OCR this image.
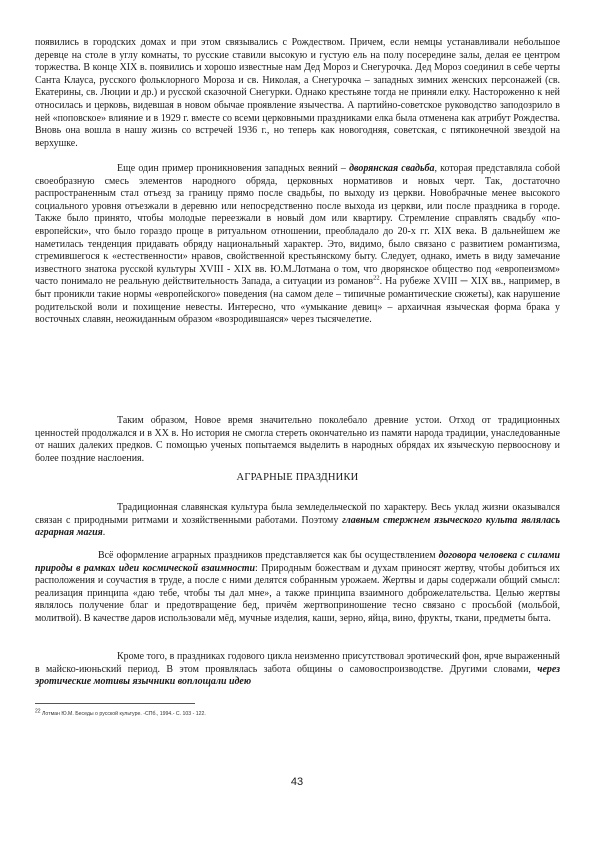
появились в городских домах и при этом связывались с Рождеством. Причем, если немцы устанавливали небольшое деревце на столе в углу комнаты, то русские ставили высокую и густую ель на полу посередине залы, делая ее центром торжества. В конце XIX в. появились и хорошо известные нам Дед Мороз и Снегурочка. Дед Мороз соединил в себе черты Санта Клауса, русского фольклорного Мороза и св. Николая, а Снегурочка – западных зимних женских персонажей (св. Екатерины, св. Люции и др.) и русской сказочной Снегурки. Однако крестьяне тогда не приняли елку. Настороженно к ней относилась и церковь, видевшая в новом обычае проявление язычества. А партийно-советское руководство заподозрило в ней «поповское» влияние и в 1929 г. вместе со всеми церковными праздниками елка была отменена как атрибут Рождества. Вновь она вошла в нашу жизнь со встречей 1936 г., но теперь как новогодняя, советская, с пятиконечной звездой на верхушке.

Еще один пример проникновения западных веяний – дворянская свадьба, которая представляла собой своеобразную смесь элементов народного обряда, церковных нормативов и новых черт. Так, достаточно распространенным стал отъезд за границу прямо после свадьбы, по выходу из церкви. Новобрачные менее высокого социального уровня отъезжали в деревню или непосредственно после выхода из церкви, или после праздника в городе. Также было принято, чтобы молодые переезжали в новый дом или квартиру. Стремление справлять свадьбу «по-европейски», что было гораздо проще в ритуальном отношении, преобладало до 20-х гг. XIX века. В дальнейшем же наметилась тенденция придавать обряду национальный характер. Это, видимо, было связано с развитием романтизма, стремившегося к «естественности» нравов, свойственной крестьянскому быту. Следует, однако, иметь в виду замечание известного знатока русской культуры XVIII - XIX вв. Ю.М.Лотмана о том, что дворянское общество под «европеизмом» часто понимало не реальную действительность Запада, а ситуации из романов$^{22}$. На рубеже XVIII ─ XIX вв., например, в быт проникли такие нормы «европейского» поведения (на самом деле – типичные романтические сюжеты), как нарушение родительской воли и похищение невесты. Интересно, что «умыкание девиц» – архаичная языческая форма брака у восточных славян, неожиданным образом «возродившаяся» через тысячелетие.

Таким образом, Новое время значительно поколебало древние устои. Отход от традиционных ценностей продолжался и в XX в. Но история не смогла стереть окончательно из памяти народа традиции, унаследованные от наших далеких предков. С помощью ученых попытаемся выделить в народных обрядах их языческую первооснову и более поздние наслоения.

АГРАРНЫЕ ПРАЗДНИКИ

Традиционная славянская культура была земледельческой по характеру. Весь уклад жизни оказывался связан с природными ритмами и хозяйственными работами. Поэтому главным стержнем языческого культа являлась аграрная магия.

Всё оформление аграрных праздников представляется как бы осуществлением договора человека с силами природы в рамках идеи космической взаимности: Природным божествам и духам приносят жертву, чтобы добиться их расположения и соучастия в труде, а после с ними делятся собранным урожаем. Жертвы и дары содержали общий смысл: реализация принципа «даю тебе, чтобы ты дал мне», а также принципа взаимного доброжелательства. Целью жертвы являлось получение благ и предотвращение бед, причём жертвоприношение тесно связано с просьбой (мольбой, молитвой). В качестве даров использовали мёд, мучные изделия, каши, зерно, яйца, вино, фрукты, ткани, предметы быта.

Кроме того, в праздниках годового цикла неизменно присутствовал эротический фон, ярче выраженный в майско-июньский период. В этом проявлялась забота общины о самовоспроизводстве. Другими словами, через эротические мотивы язычники воплощали идею

$^{22}$ Лотман Ю.М. Беседы о русской культуре. -СПб., 1994.- С. 103 - 122.
43
